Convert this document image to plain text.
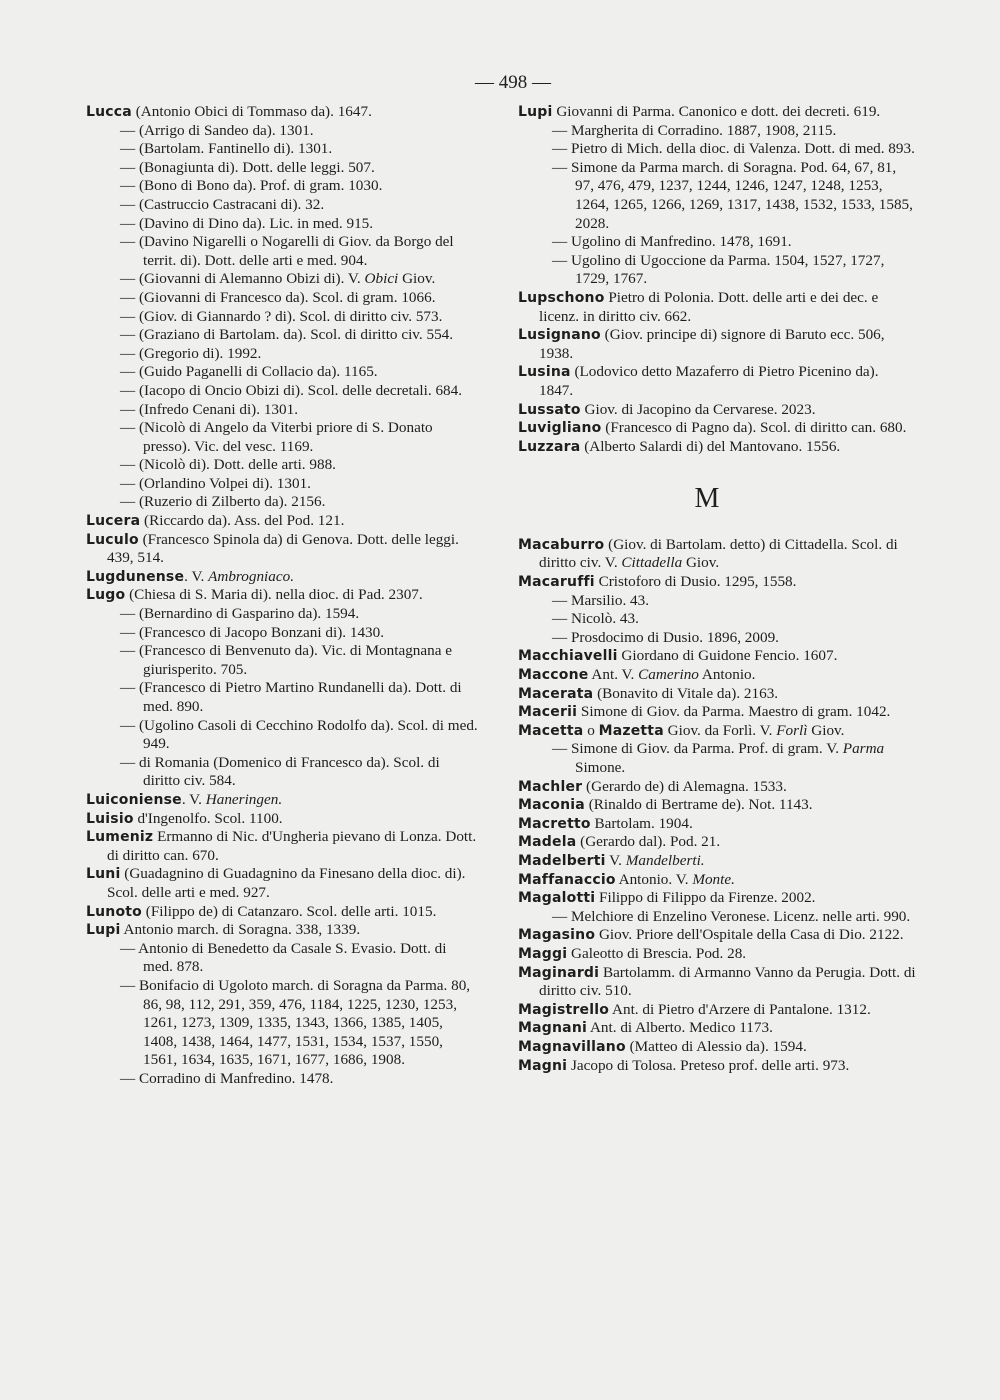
— 498 —
Lucca (Antonio Obici di Tommaso da). 1647.
— (Arrigo di Sandeo da). 1301.
— (Bartolam. Fantinello di). 1301.
— (Bonagiunta di). Dott. delle leggi. 507.
— (Bono di Bono da). Prof. di gram. 1030.
— (Castruccio Castracani di). 32.
— (Davino di Dino da). Lic. in med. 915.
— (Davino Nigarelli o Nogarelli di Giov. da Borgo del territ. di). Dott. delle arti e med. 904.
— (Giovanni di Alemanno Obizi di). V. Obici Giov.
— (Giovanni di Francesco da). Scol. di gram. 1066.
— (Giov. di Giannardo ? di). Scol. di diritto civ. 573.
— (Graziano di Bartolam. da). Scol. di diritto civ. 554.
— (Gregorio di). 1992.
— (Guido Paganelli di Collacio da). 1165.
— (Iacopo di Oncio Obizi di). Scol. delle decretali. 684.
— (Infredo Cenani di). 1301.
— (Nicolò di Angelo da Viterbi priore di S. Donato presso). Vic. del vesc. 1169.
— (Nicolò di). Dott. delle arti. 988.
— (Orlandino Volpei di). 1301.
— (Ruzerio di Zilberto da). 2156.
Lucera (Riccardo da). Ass. del Pod. 121.
Luculo (Francesco Spinola da) di Genova. Dott. delle leggi. 439, 514.
Lugdunense. V. Ambrogniaco.
Lugo (Chiesa di S. Maria di). nella dioc. di Pad. 2307.
— (Bernardino di Gasparino da). 1594.
— (Francesco di Jacopo Bonzani di). 1430.
— (Francesco di Benvenuto da). Vic. di Montagnana e giurisperito. 705.
— (Francesco di Pietro Martino Rundanelli da). Dott. di med. 890.
— (Ugolino Casoli di Cecchino Rodolfo da). Scol. di med. 949.
— di Romania (Domenico di Francesco da). Scol. di diritto civ. 584.
Luiconiense. V. Haneringen.
Luisio d'Ingenolfo. Scol. 1100.
Lumeniz Ermanno di Nic. d'Ungheria pievano di Lonza. Dott. di diritto can. 670.
Luni (Guadagnino di Guadagnino da Finesano della dioc. di). Scol. delle arti e med. 927.
Lunoto (Filippo de) di Catanzaro. Scol. delle arti. 1015.
Lupi Antonio march. di Soragna. 338, 1339.
— Antonio di Benedetto da Casale S. Evasio. Dott. di med. 878.
— Bonifacio di Ugoloto march. di Soragna da Parma. 80, 86, 98, 112, 291, 359, 476, 1184, 1225, 1230, 1253, 1261, 1273, 1309, 1335, 1343, 1366, 1385, 1405, 1408, 1438, 1464, 1477, 1531, 1534, 1537, 1550, 1561, 1634, 1635, 1671, 1677, 1686, 1908.
— Corradino di Manfredino. 1478.
Lupi Giovanni di Parma. Canonico e dott. dei decreti. 619.
— Margherita di Corradino. 1887, 1908, 2115.
— Pietro di Mich. della dioc. di Valenza. Dott. di med. 893.
— Simone da Parma march. di Soragna. Pod. 64, 67, 81, 97, 476, 479, 1237, 1244, 1246, 1247, 1248, 1253, 1264, 1265, 1266, 1269, 1317, 1438, 1532, 1533, 1585, 2028.
— Ugolino di Manfredino. 1478, 1691.
— Ugolino di Ugoccione da Parma. 1504, 1527, 1727, 1729, 1767.
Lupschono Pietro di Polonia. Dott. delle arti e dei dec. e licenz. in diritto civ. 662.
Lusignano (Giov. principe di) signore di Baruto ecc. 506, 1938.
Lusina (Lodovico detto Mazaferro di Pietro Picenino da). 1847.
Lussato Giov. di Jacopino da Cervarese. 2023.
Luvigliano (Francesco di Pagno da). Scol. di diritto can. 680.
Luzzara (Alberto Salardi di) del Mantovano. 1556.
M
Macaburro (Giov. di Bartolam. detto) di Cittadella. Scol. di diritto civ. V. Cittadella Giov.
Macaruffi Cristoforo di Dusio. 1295, 1558.
— Marsilio. 43.
— Nicolò. 43.
— Prosdocimo di Dusio. 1896, 2009.
Macchiavelli Giordano di Guidone Fencio. 1607.
Maccone Ant. V. Camerino Antonio.
Macerata (Bonavito di Vitale da). 2163.
Macerii Simone di Giov. da Parma. Maestro di gram. 1042.
Macetta o Mazetta Giov. da Forlì. V. Forlì Giov.
— Simone di Giov. da Parma. Prof. di gram. V. Parma Simone.
Machler (Gerardo de) di Alemagna. 1533.
Maconia (Rinaldo di Bertrame de). Not. 1143.
Macretto Bartolam. 1904.
Madela (Gerardo dal). Pod. 21.
Madelberti V. Mandelberti.
Maffanaccio Antonio. V. Monte.
Magalotti Filippo di Filippo da Firenze. 2002.
— Melchiore di Enzelino Veronese. Licenz. nelle arti. 990.
Magasino Giov. Priore dell'Ospitale della Casa di Dio. 2122.
Maggi Galeotto di Brescia. Pod. 28.
Maginardi Bartolamm. di Armanno Vanno da Perugia. Dott. di diritto civ. 510.
Magistrello Ant. di Pietro d'Arzere di Pantalone. 1312.
Magnani Ant. di Alberto. Medico 1173.
Magnavillano (Matteo di Alessio da). 1594.
Magni Jacopo di Tolosa. Preteso prof. delle arti. 973.
